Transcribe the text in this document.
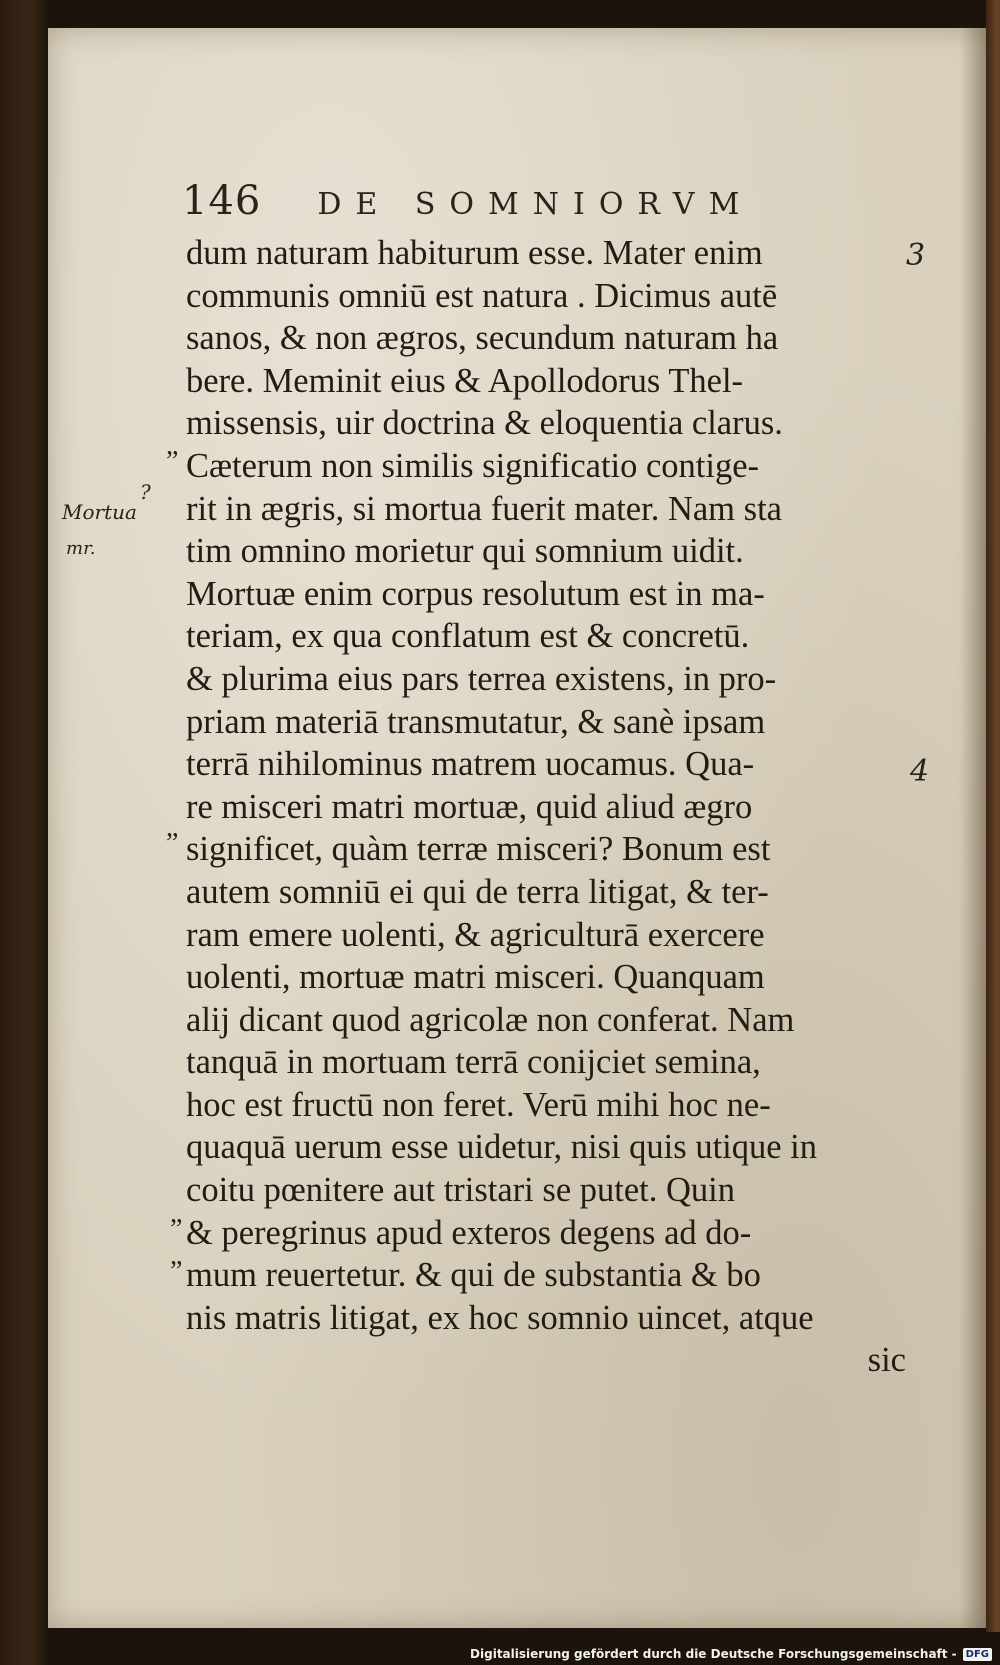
146 DE SOMNIORVM
dum naturam habiturum esse. Mater enim
communis omniū est natura . Dicimus autē
sanos, & non ægros, secundum naturam ha
bere. Meminit eius & Apollodorus Thel-
missensis, uir doctrina & eloquentia clarus.
Cæterum non similis significatio contige-
rit in ægris, si mortua fuerit mater. Nam sta
tim omnino morietur qui somnium uidit.
Mortuæ enim corpus resolutum est in ma-
teriam, ex qua conflatum est & concretū.
& plurima eius pars terrea existens, in pro-
priam materiā transmutatur, & sanè ipsam
terrā nihilominus matrem uocamus. Qua-
re misceri matri mortuæ, quid aliud ægro
significet, quàm terræ misceri? Bonum est
autem somniū ei qui de terra litigat, & ter-
ram emere uolenti, & agriculturā exercere
uolenti, mortuæ matri misceri. Quanquam
alij dicant quod agricolæ non conferat. Nam
tanquā in mortuam terrā conijciet semina,
hoc est fructū non feret. Verū mihi hoc ne-
quaquā uerum esse uidetur, nisi quis utique in
coitu pœnitere aut tristari se putet. Quin
& peregrinus apud exteros degens ad do-
mum reuertetur. & qui de substantia & bo
nis matris litigat, ex hoc somnio uincet, atque
sic
3
4
Mortua
?
mr.
”
”
”
”
Digitalisierung gefördert durch die Deutsche Forschungsgemeinschaft - DFG
